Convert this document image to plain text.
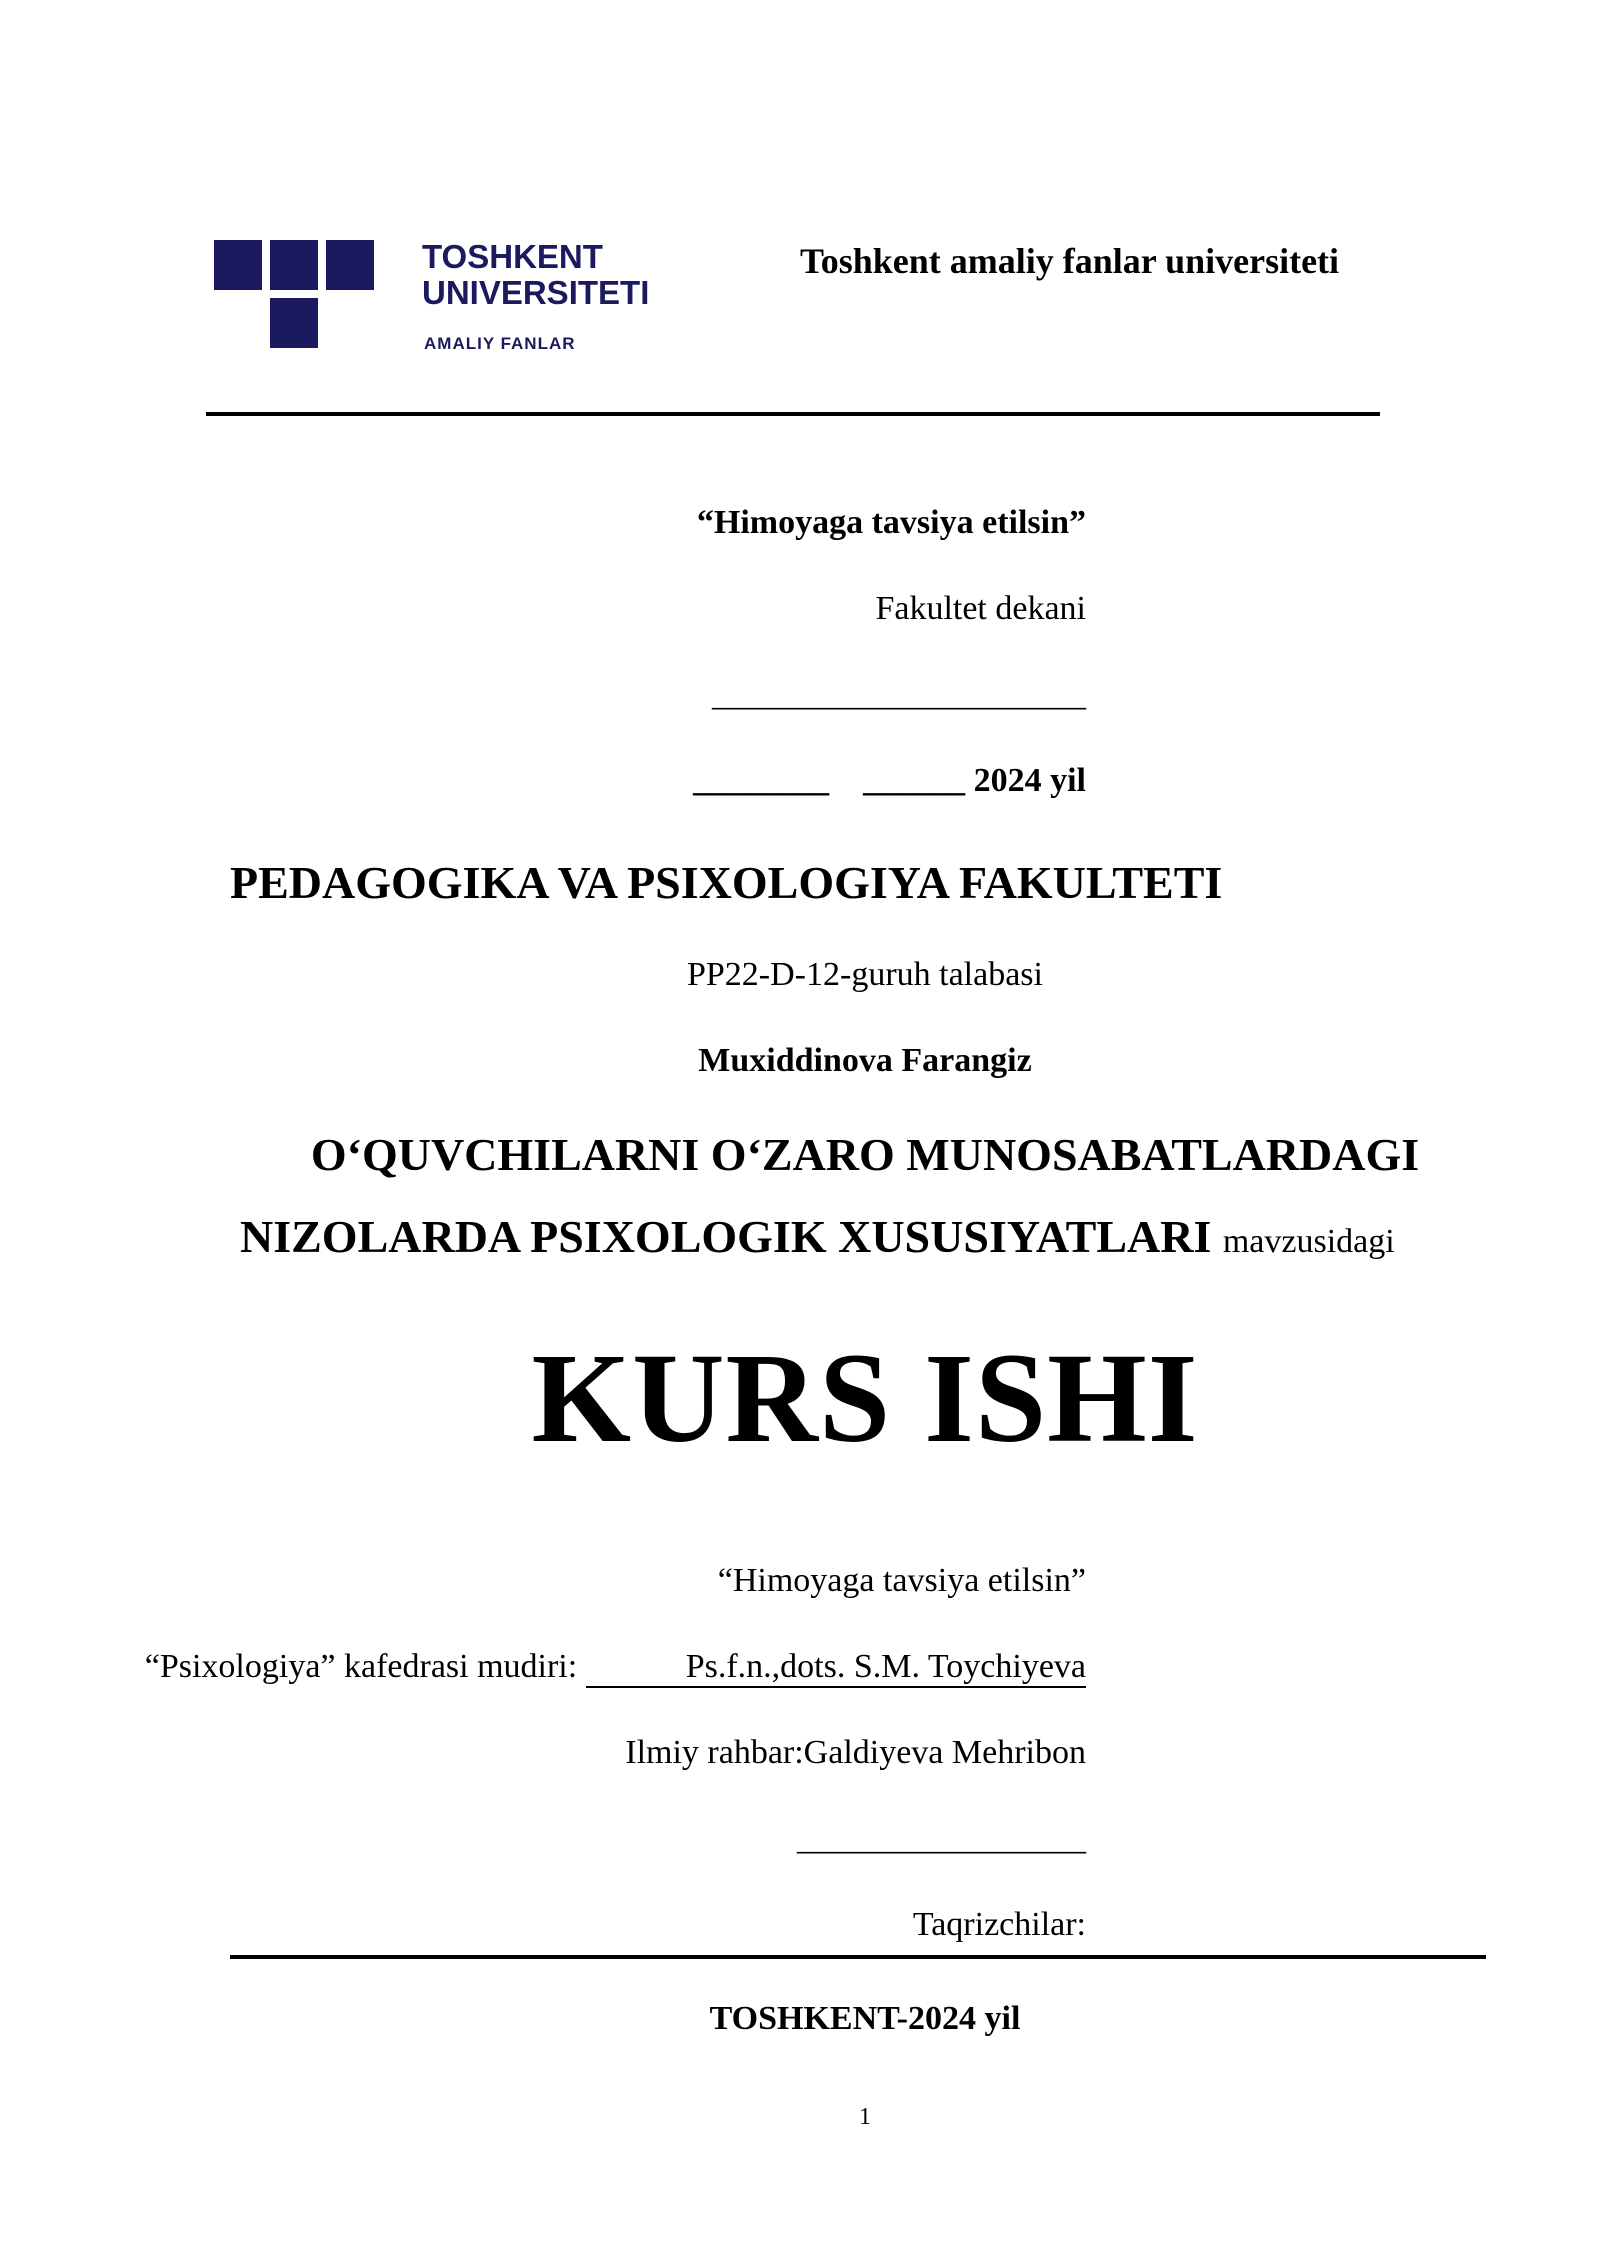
TOSHKENT
UNIVERSITETI
AMALIY FANLAR
Toshkent amaliy fanlar universiteti
“Himoyaga tavsiya etilsin”
Fakultet dekani
______________________
________ ______ 2024 yil
PEDAGOGIKA VA PSIXOLOGIYA FAKULTETI
PP22-D-12-guruh talabasi
Muxiddinova Farangiz
O‘QUVCHILARNI O‘ZARO MUNOSABATLARDAGI
NIZOLARDA PSIXOLOGIK XUSUSIYATLARI mavzusidagi
KURS ISHI
“Himoyaga tavsiya etilsin”
“Psixologiya” kafedrasi mudiri:	Ps.f.n.,dots. S.M. Toychiyeva
Ilmiy rahbar:Galdiyeva Mehribon
_________________
Taqrizchilar:
TOSHKENT-2024 yil
1
